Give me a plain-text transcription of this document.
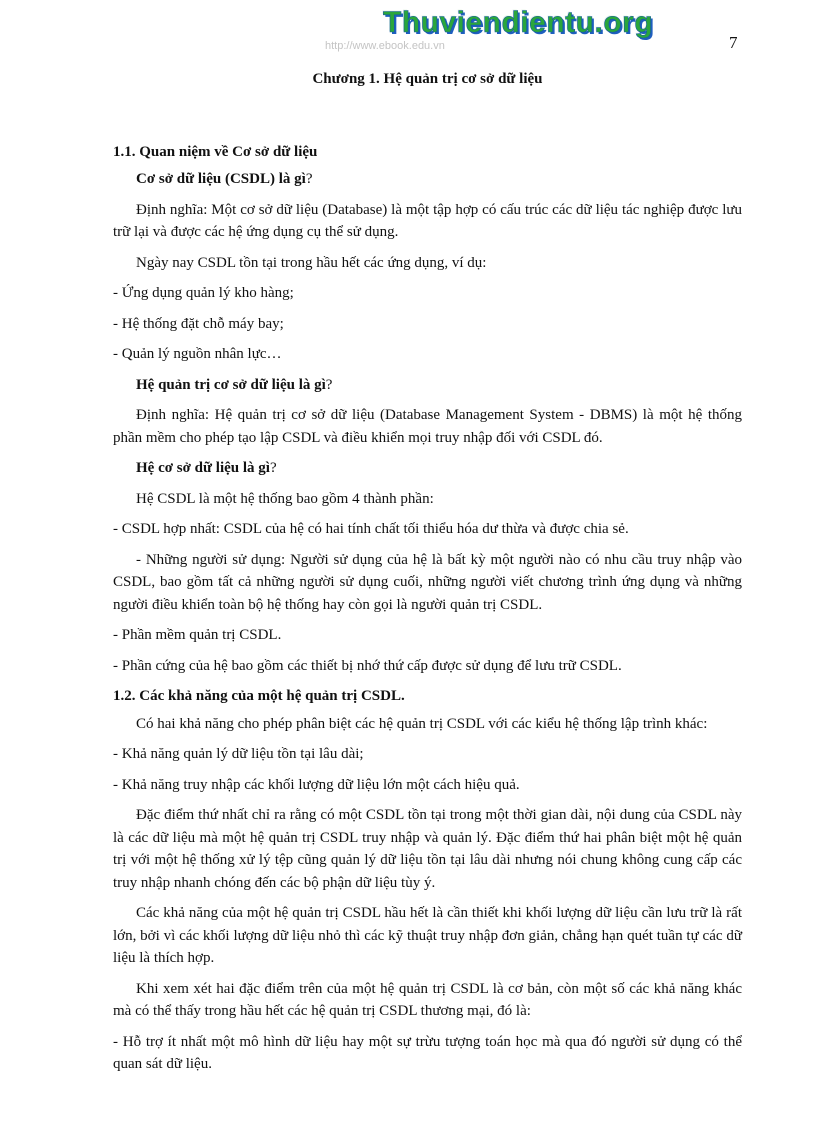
Thuviendientu.org
http://www.ebook.edu.vn	7
Chương 1. Hệ quản trị cơ sở dữ liệu
1.1. Quan niệm về Cơ sở dữ liệu

Cơ sở dữ liệu (CSDL) là gì?

Định nghĩa: Một cơ sở dữ liệu (Database) là một tập hợp có cấu trúc các dữ liệu tác nghiệp được lưu trữ lại và được các hệ ứng dụng cụ thể sử dụng.

Ngày nay CSDL tồn tại trong hầu hết các ứng dụng, ví dụ:

- Ứng dụng quản lý kho hàng;

- Hệ thống đặt chỗ máy bay;

- Quản lý nguồn nhân lực…

Hệ quản trị cơ sở dữ liệu là gì?

Định nghĩa: Hệ quản trị cơ sở dữ liệu (Database Management System - DBMS) là một hệ thống phần mềm cho phép tạo lập CSDL và điều khiển mọi truy nhập đối với CSDL đó.

Hệ cơ sở dữ liệu là gì?

Hệ CSDL là một hệ thống bao gồm 4 thành phần:

- CSDL hợp nhất: CSDL của hệ có hai tính chất tối thiểu hóa dư thừa và được chia sẻ.

- Những người sử dụng: Người sử dụng của hệ là bất kỳ một người nào có nhu cầu truy nhập vào CSDL, bao gồm tất cả những người sử dụng cuối, những người viết chương trình ứng dụng và những người điều khiển toàn bộ hệ thống hay còn gọi là người quản trị CSDL.

- Phần mềm quản trị CSDL.

- Phần cứng của hệ bao gồm các thiết bị nhớ thứ cấp được sử dụng để lưu trữ CSDL.

1.2. Các khả năng của một hệ quản trị CSDL.

Có hai khả năng cho phép phân biệt các hệ quản trị CSDL với các kiểu hệ thống lập trình khác:

- Khả năng quản lý dữ liệu tồn tại lâu dài;

- Khả năng truy nhập các khối lượng dữ liệu lớn một cách hiệu quả.

Đặc điểm thứ nhất chỉ ra rằng có một CSDL tồn tại trong một thời gian dài, nội dung của CSDL này là các dữ liệu mà một hệ quản trị CSDL truy nhập và quản lý. Đặc điểm thứ hai phân biệt một hệ quản trị với một hệ thống xử lý tệp cũng quản lý dữ liệu tồn tại lâu dài nhưng nói chung không cung cấp các truy nhập nhanh chóng đến các bộ phận dữ liệu tùy ý.

Các khả năng của một hệ quản trị CSDL hầu hết là cần thiết khi khối lượng dữ liệu cần lưu trữ là rất lớn, bởi vì các khối lượng dữ liệu nhỏ thì các kỹ thuật truy nhập đơn giản, chẳng hạn quét tuần tự các dữ liệu là thích hợp.

Khi xem xét hai đặc điểm trên của một hệ quản trị CSDL là cơ bản, còn một số các khả năng khác mà có thể thấy trong hầu hết các hệ quản trị CSDL thương mại, đó là:

- Hỗ trợ ít nhất một mô hình dữ liệu hay một sự trừu tượng toán học mà qua đó người sử dụng có thể quan sát dữ liệu.
